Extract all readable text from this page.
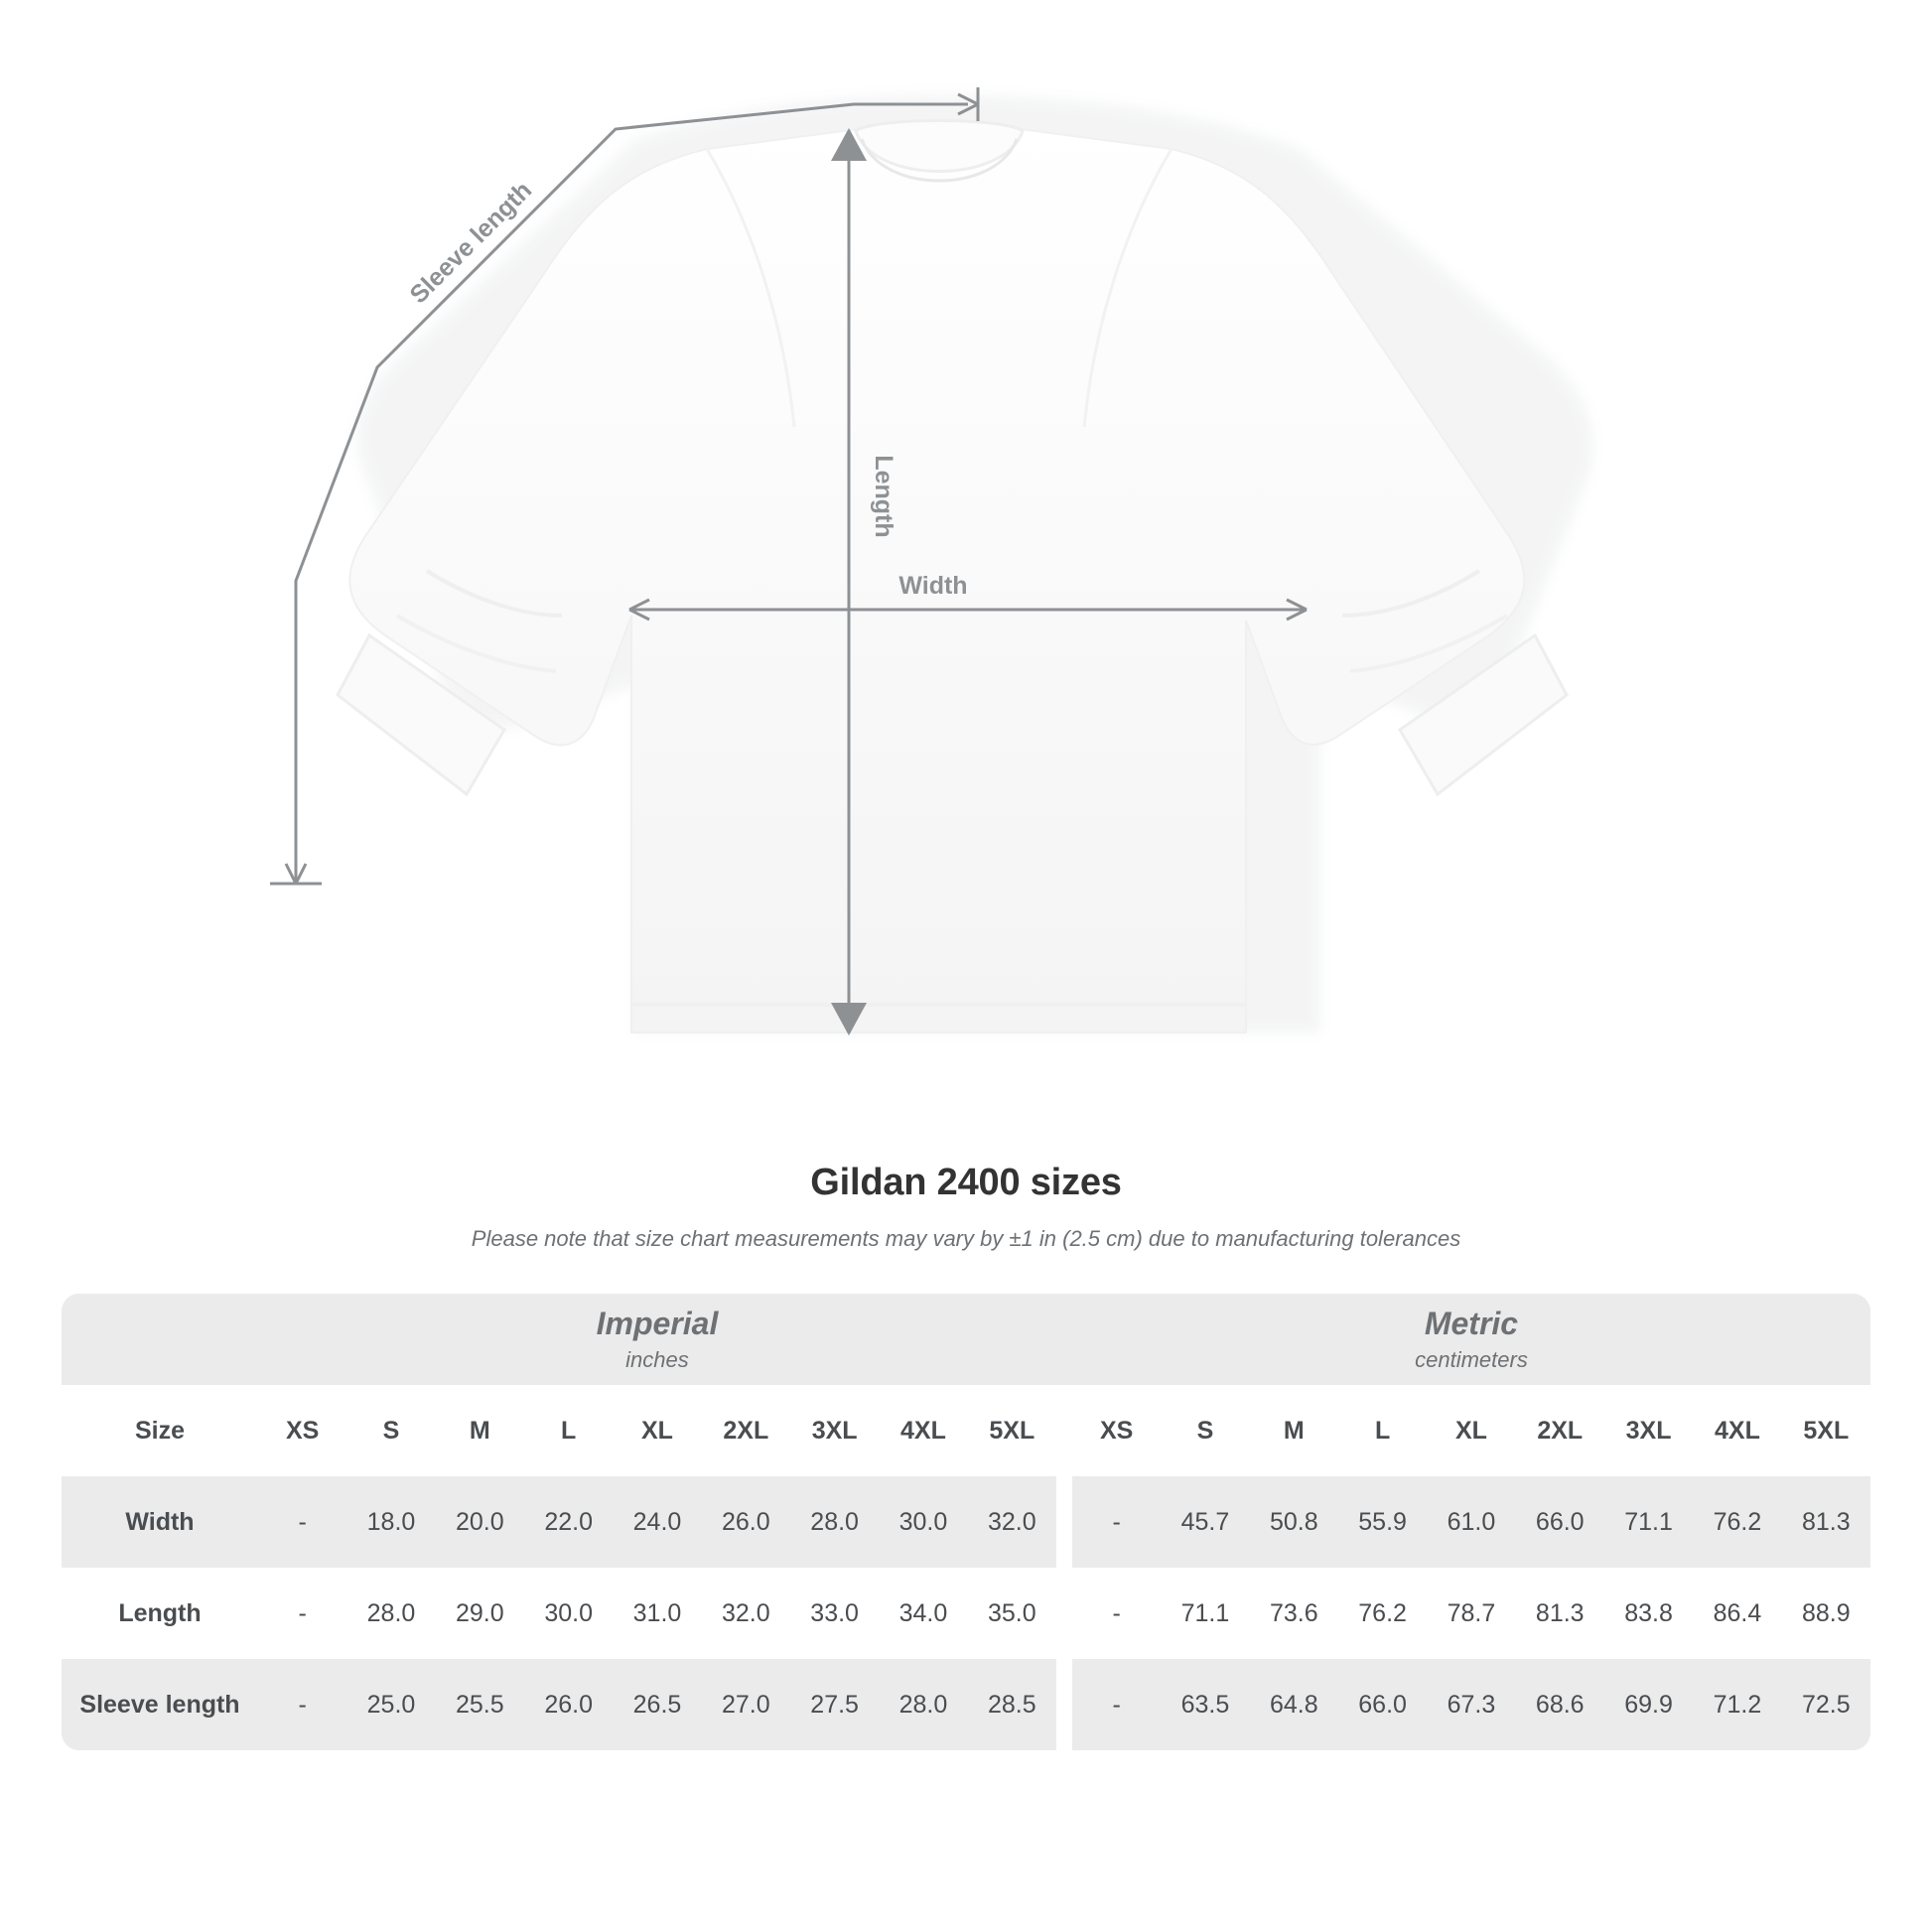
Length
Width
Sleeve length
Gildan 2400 sizes
Please note that size chart measurements may vary by ±1 in (2.5 cm) due to manufacturing tolerances

Imperial
inches

Metric
centimeters

Size	XS	S	M	L	XL	2XL	3XL	4XL	5XL		XS	S	M	L	XL	2XL	3XL	4XL	5XL
Width	-	18.0	20.0	22.0	24.0	26.0	28.0	30.0	32.0		-	45.7	50.8	55.9	61.0	66.0	71.1	76.2	81.3
Length	-	28.0	29.0	30.0	31.0	32.0	33.0	34.0	35.0		-	71.1	73.6	76.2	78.7	81.3	83.8	86.4	88.9
Sleeve length	-	25.0	25.5	26.0	26.5	27.0	27.5	28.0	28.5		-	63.5	64.8	66.0	67.3	68.6	69.9	71.2	72.5
